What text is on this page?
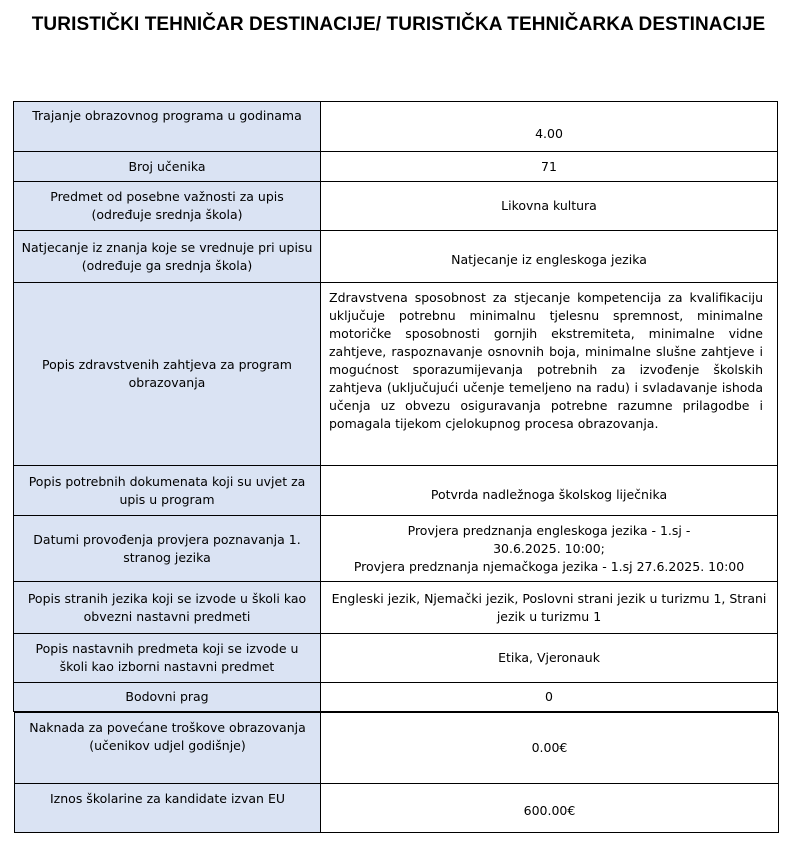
TURISTIČKI TEHNIČAR DESTINACIJE/ TURISTIČKA TEHNIČARKA DESTINACIJE
Trajanje obrazovnog programa u godinama	4.00
Broj učenika	71
Predmet od posebne važnosti za upis (određuje srednja škola)	Likovna kultura
Natjecanje iz znanja koje se vrednuje pri upisu (određuje ga srednja škola)	Natjecanje iz engleskoga jezika
Popis zdravstvenih zahtjeva za program obrazovanja	Zdravstvena sposobnost za stjecanje kompetencija za kvalifikaciju uključuje potrebnu minimalnu tjelesnu spremnost, minimalne motoričke sposobnosti gornjih ekstremiteta, minimalne vidne zahtjeve, raspoznavanje osnovnih boja, minimalne slušne zahtjeve i mogućnost sporazumijevanja potrebnih za izvođenje školskih zahtjeva (uključujući učenje temeljeno na radu) i svladavanje ishoda učenja uz obvezu osiguravanja potrebne razumne prilagodbe i pomagala tijekom cjelokupnog procesa obrazovanja.
Popis potrebnih dokumenata koji su uvjet za upis u program	Potvrda nadležnoga školskog liječnika
Datumi provođenja provjera poznavanja 1. stranog jezika	Provjera predznanja engleskoga jezika - 1.sj -
30.6.2025. 10:00;
Provjera predznanja njemačkoga jezika - 1.sj 27.6.2025. 10:00

Popis stranih jezika koji se izvode u školi kao obvezni nastavni predmeti	Engleski jezik, Njemački jezik, Poslovni strani jezik u turizmu 1, Strani jezik u turizmu 1
Popis nastavnih predmeta koji se izvode u školi kao izborni nastavni predmet	Etika, Vjeronauk
Bodovni prag	0
Naknada za povećane troškove obrazovanja (učenikov udjel godišnje)	0.00€
Iznos školarine za kandidate izvan EU	600.00€
